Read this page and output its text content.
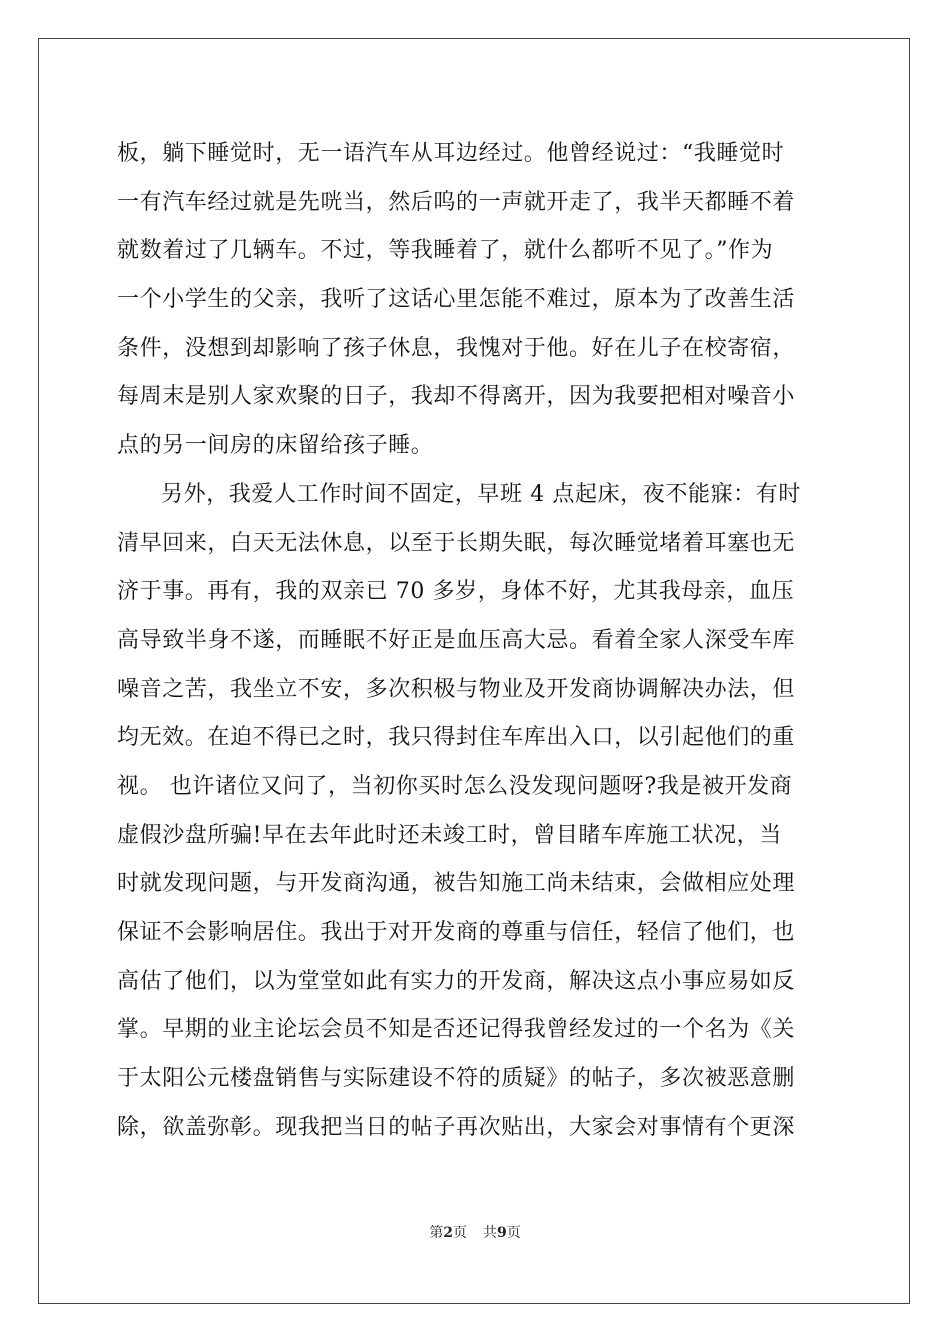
板，躺下睡觉时，无一语汽车从耳边经过。他曾经说过：“我睡觉时
一有汽车经过就是先咣当，然后呜的一声就开走了，我半天都睡不着
就数着过了几辆车。不过，等我睡着了，就什么都听不见了。”作为
一个小学生的父亲，我听了这话心里怎能不难过，原本为了改善生活
条件，没想到却影响了孩子休息，我愧对于他。好在儿子在校寄宿，
每周末是别人家欢聚的日子，我却不得离开，因为我要把相对噪音小
点的另一间房的床留给孩子睡。
另外，我爱人工作时间不固定，早班 4 点起床，夜不能寐：有时
清早回来，白天无法休息，以至于长期失眠，每次睡觉堵着耳塞也无
济于事。再有，我的双亲已 70 多岁，身体不好，尤其我母亲，血压
高导致半身不遂，而睡眠不好正是血压高大忌。看着全家人深受车库
噪音之苦，我坐立不安，多次积极与物业及开发商协调解决办法，但
均无效。在迫不得已之时，我只得封住车库出入口，以引起他们的重
视。 也许诸位又问了，当初你买时怎么没发现问题呀?我是被开发商
虚假沙盘所骗!早在去年此时还未竣工时，曾目睹车库施工状况，当
时就发现问题，与开发商沟通，被告知施工尚未结束，会做相应处理
保证不会影响居住。我出于对开发商的尊重与信任，轻信了他们，也
高估了他们，以为堂堂如此有实力的开发商，解决这点小事应易如反
掌。早期的业主论坛会员不知是否还记得我曾经发过的一个名为《关
于太阳公元楼盘销售与实际建设不符的质疑》的帖子，多次被恶意删
除，欲盖弥彰。现我把当日的帖子再次贴出，大家会对事情有个更深
第2页 共9页
